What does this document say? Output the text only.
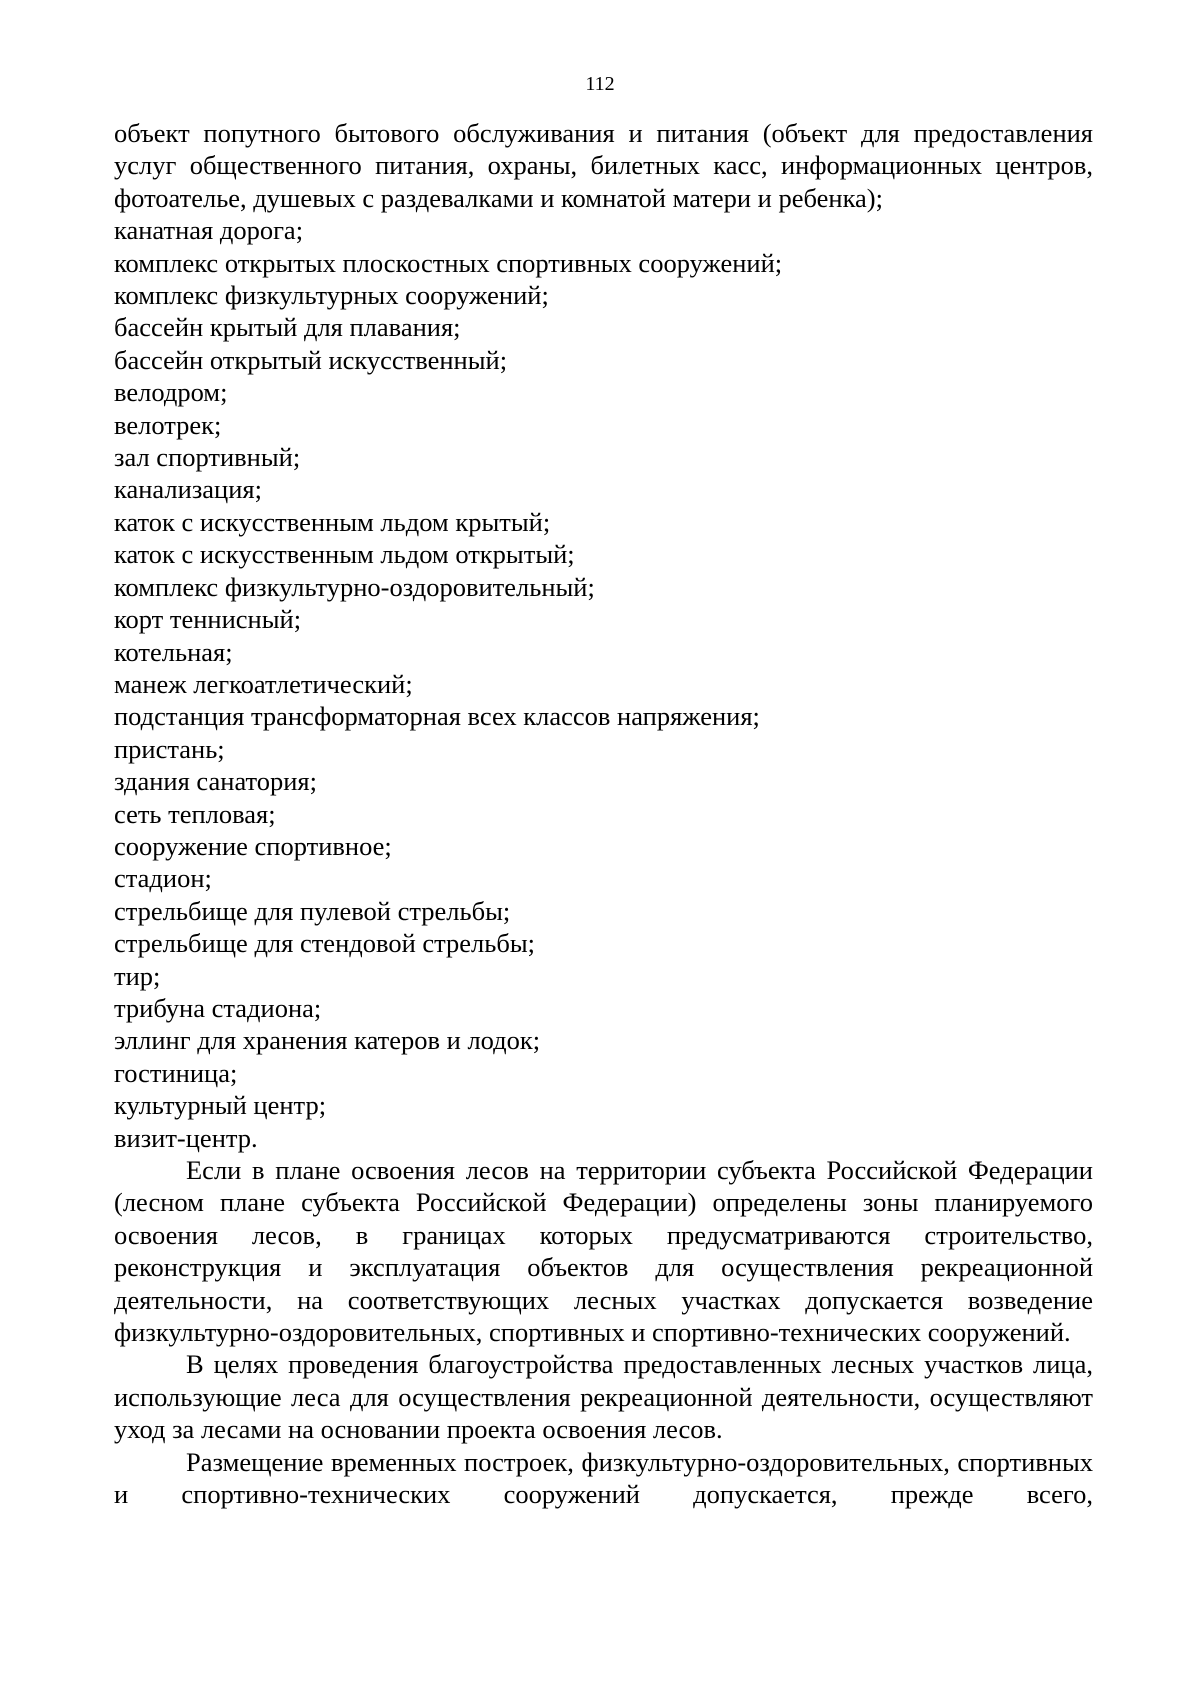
112

объект попутного бытового обслуживания и питания (объект для предоставления услуг общественного питания, охраны, билетных касс, информационных центров, фотоателье, душевых с раздевалками и комнатой матери и ребенка);

канатная дорога;
комплекс открытых плоскостных спортивных сооружений;
комплекс физкультурных сооружений;
бассейн крытый для плавания;
бассейн открытый искусственный;
велодром;
велотрек;
зал спортивный;
канализация;
каток с искусственным льдом крытый;
каток с искусственным льдом открытый;
комплекс физкультурно-оздоровительный;
корт теннисный;
котельная;
манеж легкоатлетический;
подстанция трансформаторная всех классов напряжения;
пристань;
здания санатория;
сеть тепловая;
сооружение спортивное;
стадион;
стрельбище для пулевой стрельбы;
стрельбище для стендовой стрельбы;
тир;
трибуна стадиона;
эллинг для хранения катеров и лодок;
гостиница;
культурный центр;
визит-центр.

Если в плане освоения лесов на территории субъекта Российской Федерации (лесном плане субъекта Российской Федерации) определены зоны планируемого освоения лесов, в границах которых предусматриваются строительство, реконструкция и эксплуатация объектов для осуществления рекреационной деятельности, на соответствующих лесных участках допускается возведение физкультурно-оздоровительных, спортивных и спортивно-технических сооружений.

В целях проведения благоустройства предоставленных лесных участков лица, использующие леса для осуществления рекреационной деятельности, осуществляют уход за лесами на основании проекта освоения лесов.

Размещение временных построек, физкультурно-оздоровительных, спортивных и спортивно-технических сооружений допускается, прежде всего,
